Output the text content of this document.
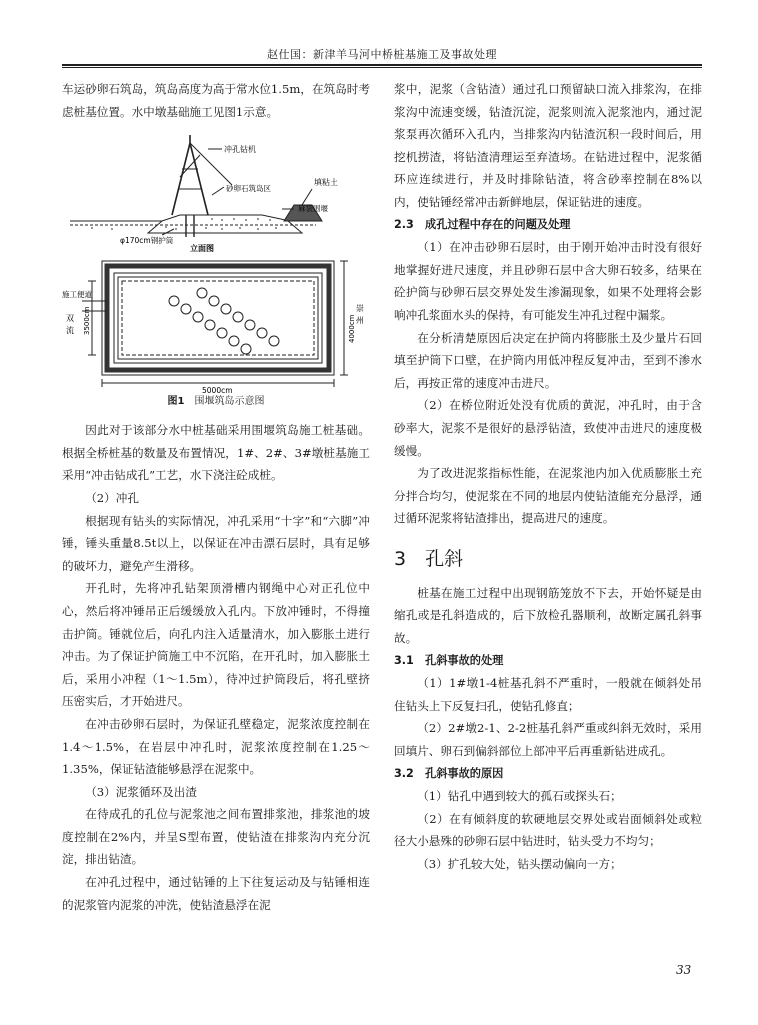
赵仕国：新津羊马河中桥桩基施工及事故处理

车运砂卵石筑岛，筑岛高度为高于常水位1.5m，在筑岛时考虑桩基位置。水中墩基础施工见图1示意。

冲孔钻机
填粘土
砂卵石筑岛区
麻袋围堰
φ170cm钢护筒
立面图
施工便道
双
流
崇
州
3500cm	4000cm
5000cm
图1　 围堰筑岛示意图

因此对于该部分水中桩基础采用围堰筑岛施工桩基础。根据全桥桩基的数量及布置情况，1#、2#、3#墩桩基施工采用“冲击钻成孔”工艺，水下浇注砼成桩。

（2）冲孔

根据现有钻头的实际情况，冲孔采用“十字”和“六脚”冲锤，锤头重量8.5t以上，以保证在冲击漂石层时，具有足够的破坏力，避免产生滑移。

开孔时，先将冲孔钻架顶滑槽内钢绳中心对正孔位中心，然后将冲锤吊正后缓缓放入孔内。下放冲锤时，不得撞击护筒。锤就位后，向孔内注入适量清水，加入膨胀土进行冲击。为了保证护筒施工中不沉陷，在开孔时，加入膨胀土后，采用小冲程（1～1.5m），待冲过护筒段后，将孔壁挤压密实后，才开始进尺。

在冲击砂卵石层时，为保证孔壁稳定，泥浆浓度控制在1.4～1.5%，在岩层中冲孔时，泥浆浓度控制在1.25～1.35%，保证钻渣能够悬浮在泥浆中。

（3）泥浆循环及出渣

在待成孔的孔位与泥浆池之间布置排浆池，排浆池的坡度控制在2%内，并呈S型布置，使钻渣在排浆沟内充分沉淀，排出钻渣。

在冲孔过程中，通过钻锤的上下往复运动及与钻锤相连的泥浆管内泥浆的冲洗，使钻渣悬浮在泥

浆中，泥浆（含钻渣）通过孔口预留缺口流入排浆沟，在排浆沟中流速变缓，钻渣沉淀，泥浆则流入泥浆池内，通过泥浆泵再次循环入孔内，当排浆沟内钻渣沉积一段时间后，用挖机捞渣，将钻渣清理运至弃渣场。在钻进过程中，泥浆循环应连续进行，并及时排除钻渣，将含砂率控制在8%以内，使钻锤经常冲击新鲜地层，保证钻进的速度。

2.3　成孔过程中存在的问题及处理

（1）在冲击砂卵石层时，由于刚开始冲击时没有很好地掌握好进尺速度，并且砂卵石层中含大卵石较多，结果在砼护筒与砂卵石层交界处发生渗漏现象，如果不处理将会影响冲孔浆面水头的保持，有可能发生冲孔过程中漏浆。

在分析清楚原因后决定在护筒内将膨胀土及少量片石回填至护筒下口壁，在护筒内用低冲程反复冲击，至到不渗水后，再按正常的速度冲击进尺。

（2）在桥位附近处没有优质的黄泥，冲孔时，由于含砂率大，泥浆不是很好的悬浮钻渣，致使冲击进尺的速度极缓慢。

为了改进泥浆指标性能，在泥浆池内加入优质膨胀土充分拌合均匀，使泥浆在不同的地层内使钻渣能充分悬浮，通过循环泥浆将钻渣排出，提高进尺的速度。

3　孔斜

桩基在施工过程中出现钢筋笼放不下去，开始怀疑是由缩孔或是孔斜造成的，后下放检孔器顺利，故断定属孔斜事故。

3.1　孔斜事故的处理

（1）1#墩1-4桩基孔斜不严重时，一般就在倾斜处吊住钻头上下反复扫孔，使钻孔修直；

（2）2#墩2-1、2-2桩基孔斜严重或纠斜无效时，采用回填片、卵石到偏斜部位上部冲平后再重新钻进成孔。

3.2　孔斜事故的原因

（1）钻孔中遇到较大的孤石或探头石；

（2）在有倾斜度的软硬地层交界处或岩面倾斜处或粒径大小悬殊的砂卵石层中钻进时，钻头受力不均匀；

（3）扩孔较大处，钻头摆动偏向一方；

33
